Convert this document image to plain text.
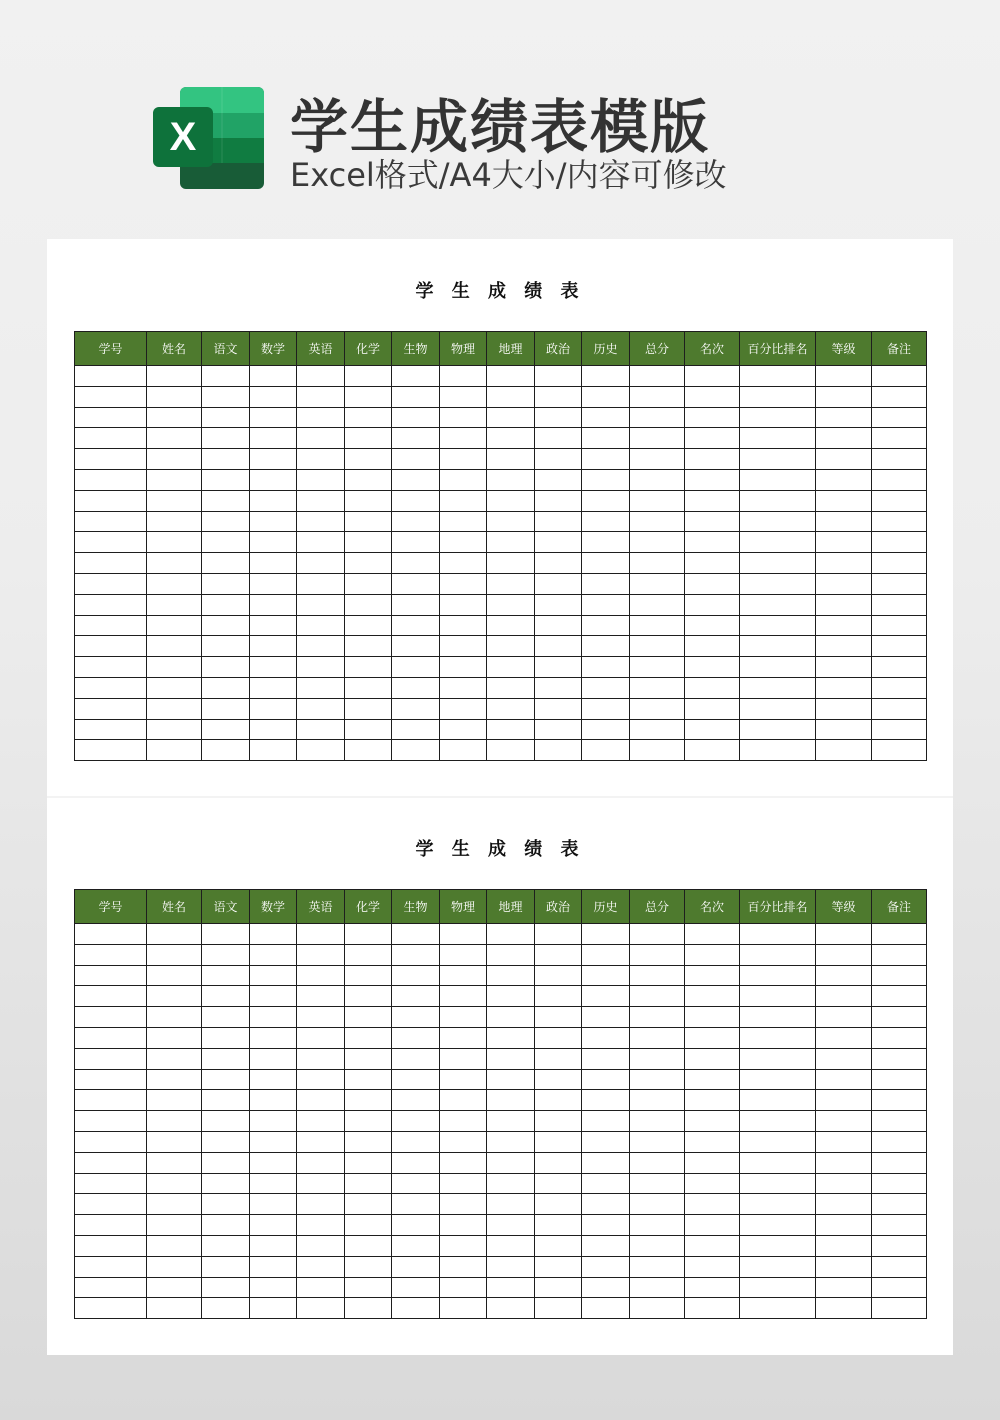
X 学生成绩表模版
Excel格式/A4大小/内容可修改
学 生 成 绩 表
学号	姓名	语文	数学	英语	化学	生物	物理	地理	政治	历史	总分	名次	百分比排名	等级	备注

学 生 成 绩 表
学号	姓名	语文	数学	英语	化学	生物	物理	地理	政治	历史	总分	名次	百分比排名	等级	备注
